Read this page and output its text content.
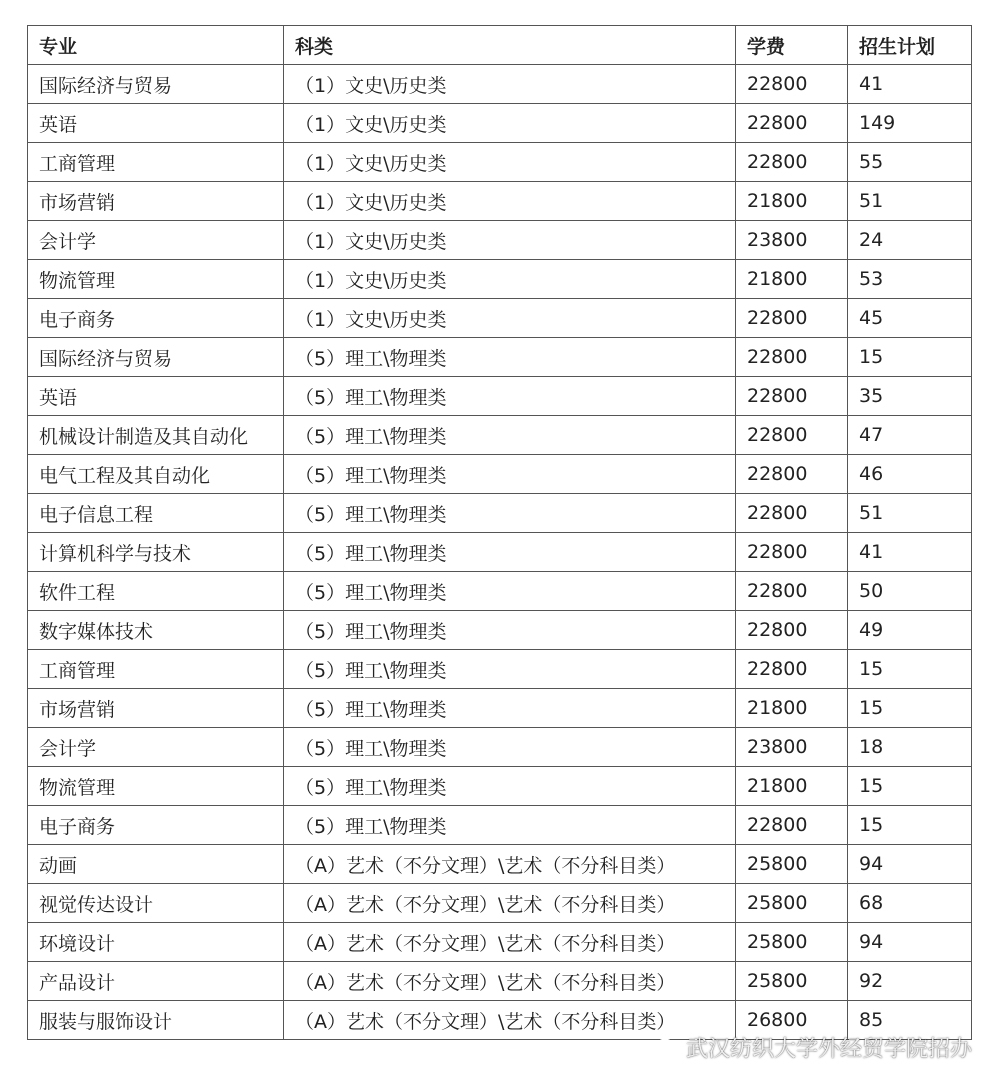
专业	科类	学费	招生计划
国际经济与贸易	（1）文史\历史类	22800	41
英语	（1）文史\历史类	22800	149
工商管理	（1）文史\历史类	22800	55
市场营销	（1）文史\历史类	21800	51
会计学	（1）文史\历史类	23800	24
物流管理	（1）文史\历史类	21800	53
电子商务	（1）文史\历史类	22800	45
国际经济与贸易	（5）理工\物理类	22800	15
英语	（5）理工\物理类	22800	35
机械设计制造及其自动化	（5）理工\物理类	22800	47
电气工程及其自动化	（5）理工\物理类	22800	46
电子信息工程	（5）理工\物理类	22800	51
计算机科学与技术	（5）理工\物理类	22800	41
软件工程	（5）理工\物理类	22800	50
数字媒体技术	（5）理工\物理类	22800	49
工商管理	（5）理工\物理类	22800	15
市场营销	（5）理工\物理类	21800	15
会计学	（5）理工\物理类	23800	18
物流管理	（5）理工\物理类	21800	15
电子商务	（5）理工\物理类	22800	15
动画	（A）艺术（不分文理）\艺术（不分科目类）	25800	94
视觉传达设计	（A）艺术（不分文理）\艺术（不分科目类）	25800	68
环境设计	（A）艺术（不分文理）\艺术（不分科目类）	25800	94
产品设计	（A）艺术（不分文理）\艺术（不分科目类）	25800	92
服装与服饰设计	（A）艺术（不分文理）\艺术（不分科目类）	26800	85
武汉纺织大学外经贸学院招办
